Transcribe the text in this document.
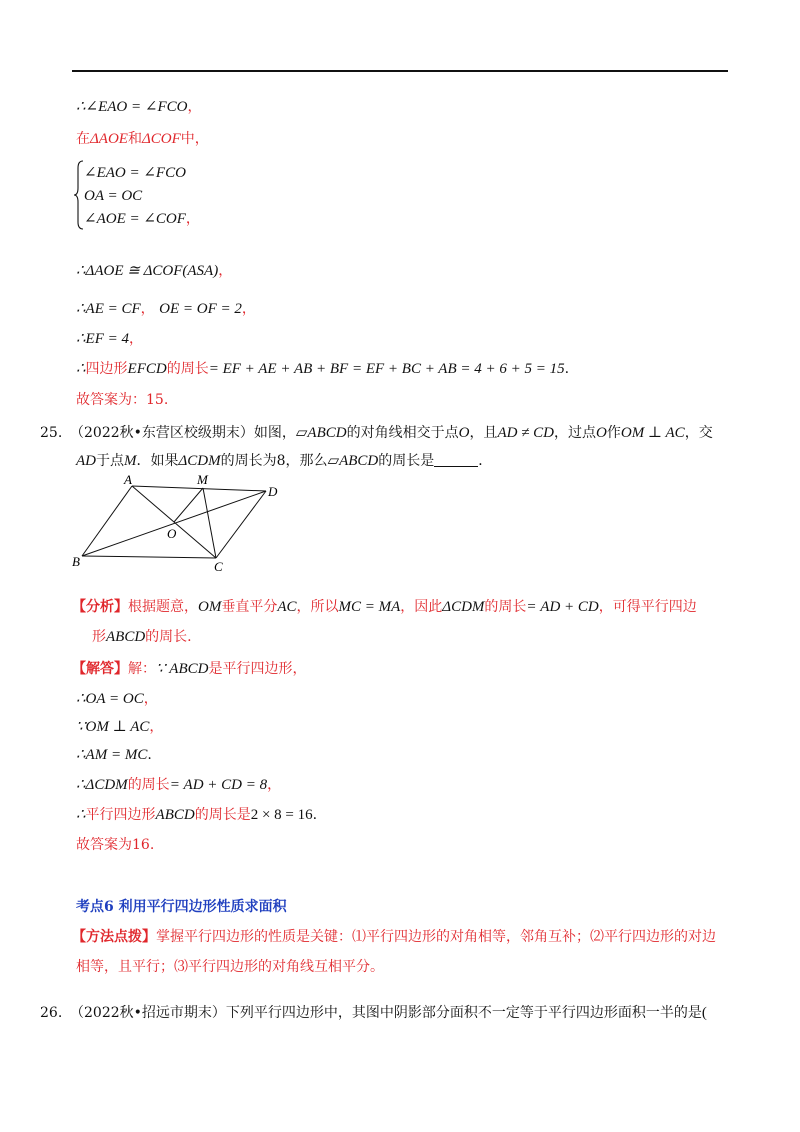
∴∠EAO = ∠FCO，
在ΔAOE和ΔCOF中，
∠EAO = ∠FCO
OA = OC
∠AOE = ∠COF，
∴ΔAOE ≅ ΔCOF(ASA)，
∴AE = CF， OE = OF = 2，
∴EF = 4，
∴四边形EFCD的周长= EF + AE + AB + BF = EF + BC + AB = 4 + 6 + 5 = 15.
故答案为：15.
25. （2022秋•东营区校级期末）如图，▱ABCD的对角线相交于点O，且AD ≠ CD，过点O作OM ⊥ AC，交
AD于点M．如果ΔCDM的周长为8，那么▱ABCD的周长是	．
A	M
D
O
B	C
【分析】根据题意，OM垂直平分AC，所以MC = MA，因此ΔCDM的周长= AD + CD，可得平行四边
形ABCD的周长.
【解答】解：∵ ABCD是平行四边形，
∴OA = OC，
∵OM ⊥ AC，
∴AM = MC.
∴ΔCDM的周长= AD + CD = 8，
∴平行四边形ABCD的周长是2 × 8 = 16.
故答案为16.
考点6 利用平行四边形性质求面积
【方法点拨】掌握平行四边形的性质是关键：⑴平行四边形的对角相等，邻角互补；⑵平行四边形的对边
相等，且平行；⑶平行四边形的对角线互相平分。
26. （2022秋•招远市期末）下列平行四边形中，其图中阴影部分面积不一定等于平行四边形面积一半的是(
